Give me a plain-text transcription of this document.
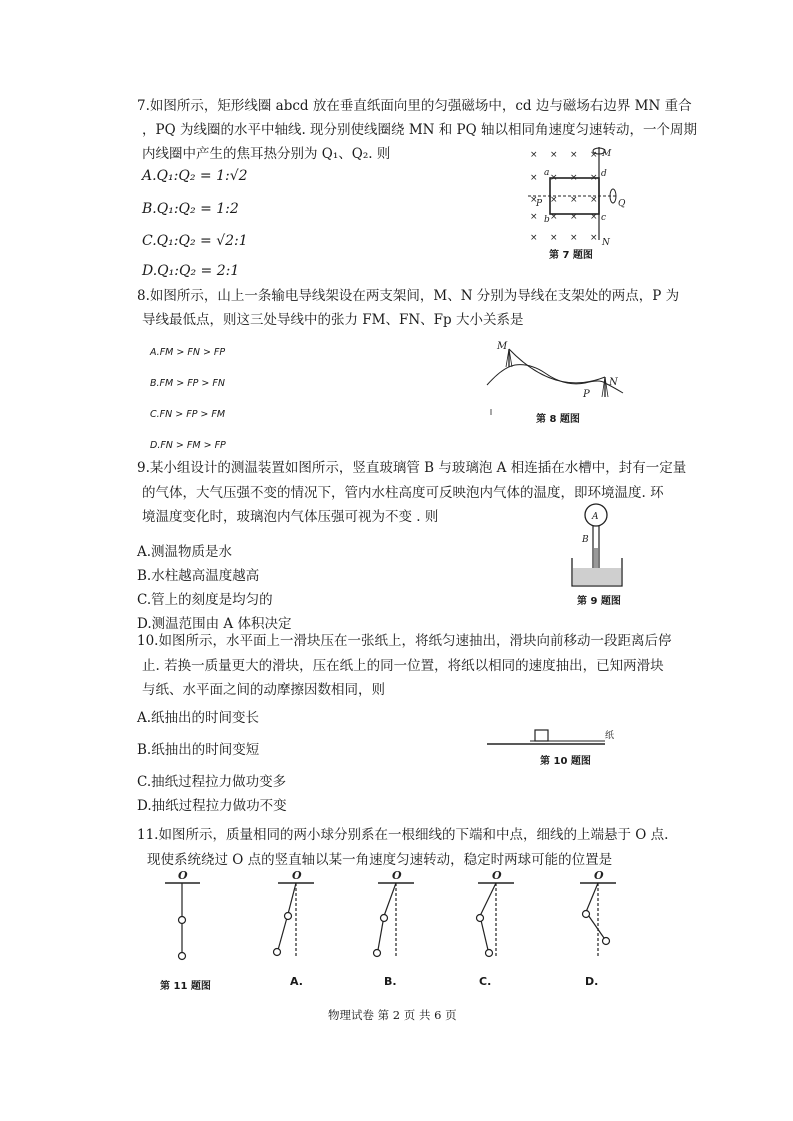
7.如图所示，矩形线圈 abcd 放在垂直纸面向里的匀强磁场中，cd 边与磁场右边界 MN 重合
，PQ 为线圈的水平中轴线. 现分别使线圈绕 MN 和 PQ 轴以相同角速度匀速转动，一个周期
内线圈中产生的焦耳热分别为 Q₁、Q₂. 则
A.Q₁:Q₂ = 1:√2
B.Q₁:Q₂ = 1:2
C.Q₁:Q₂ = √2:1
D.Q₁:Q₂ = 2:1
× × × ×
× × × ×
× × × ×
× × × ×
× × × ×
M
N
P	Q
a
b	c
d
第 7 题图
8.如图所示，山上一条输电导线架设在两支架间，M、N 分别为导线在支架处的两点，P 为
导线最低点，则这三处导线中的张力 FM、FN、Fp 大小关系是
A.FM > FN > FP
B.FM > FP > FN
C.FN > FP > FM
D.FN > FM > FP
M
N
P
第 8 题图
9.某小组设计的测温装置如图所示，竖直玻璃管 B 与玻璃泡 A 相连插在水槽中，封有一定量
的气体，大气压强不变的情况下，管内水柱高度可反映泡内气体的温度，即环境温度. 环
境温度变化时，玻璃泡内气体压强可视为不变 . 则
A.测温物质是水
B.水柱越高温度越高
C.管上的刻度是均匀的
D.测温范围由 A 体积决定
A
B
第 9 题图
10.如图所示，水平面上一滑块压在一张纸上，将纸匀速抽出，滑块向前移动一段距离后停
止. 若换一质量更大的滑块，压在纸上的同一位置，将纸以相同的速度抽出，已知两滑块
与纸、水平面之间的动摩擦因数相同，则
A.纸抽出的时间变长
B.纸抽出的时间变短
C.抽纸过程拉力做功变多
D.抽纸过程拉力做功不变
纸
第 10 题图
11.如图所示，质量相同的两小球分别系在一根细线的下端和中点，细线的上端悬于 O 点.
现使系统绕过 O 点的竖直轴以某一角速度匀速转动，稳定时两球可能的位置是
O	O	O	O	O
第 11 题图	A.	B.	C.	D.
物理试卷 第 2 页 共 6 页
